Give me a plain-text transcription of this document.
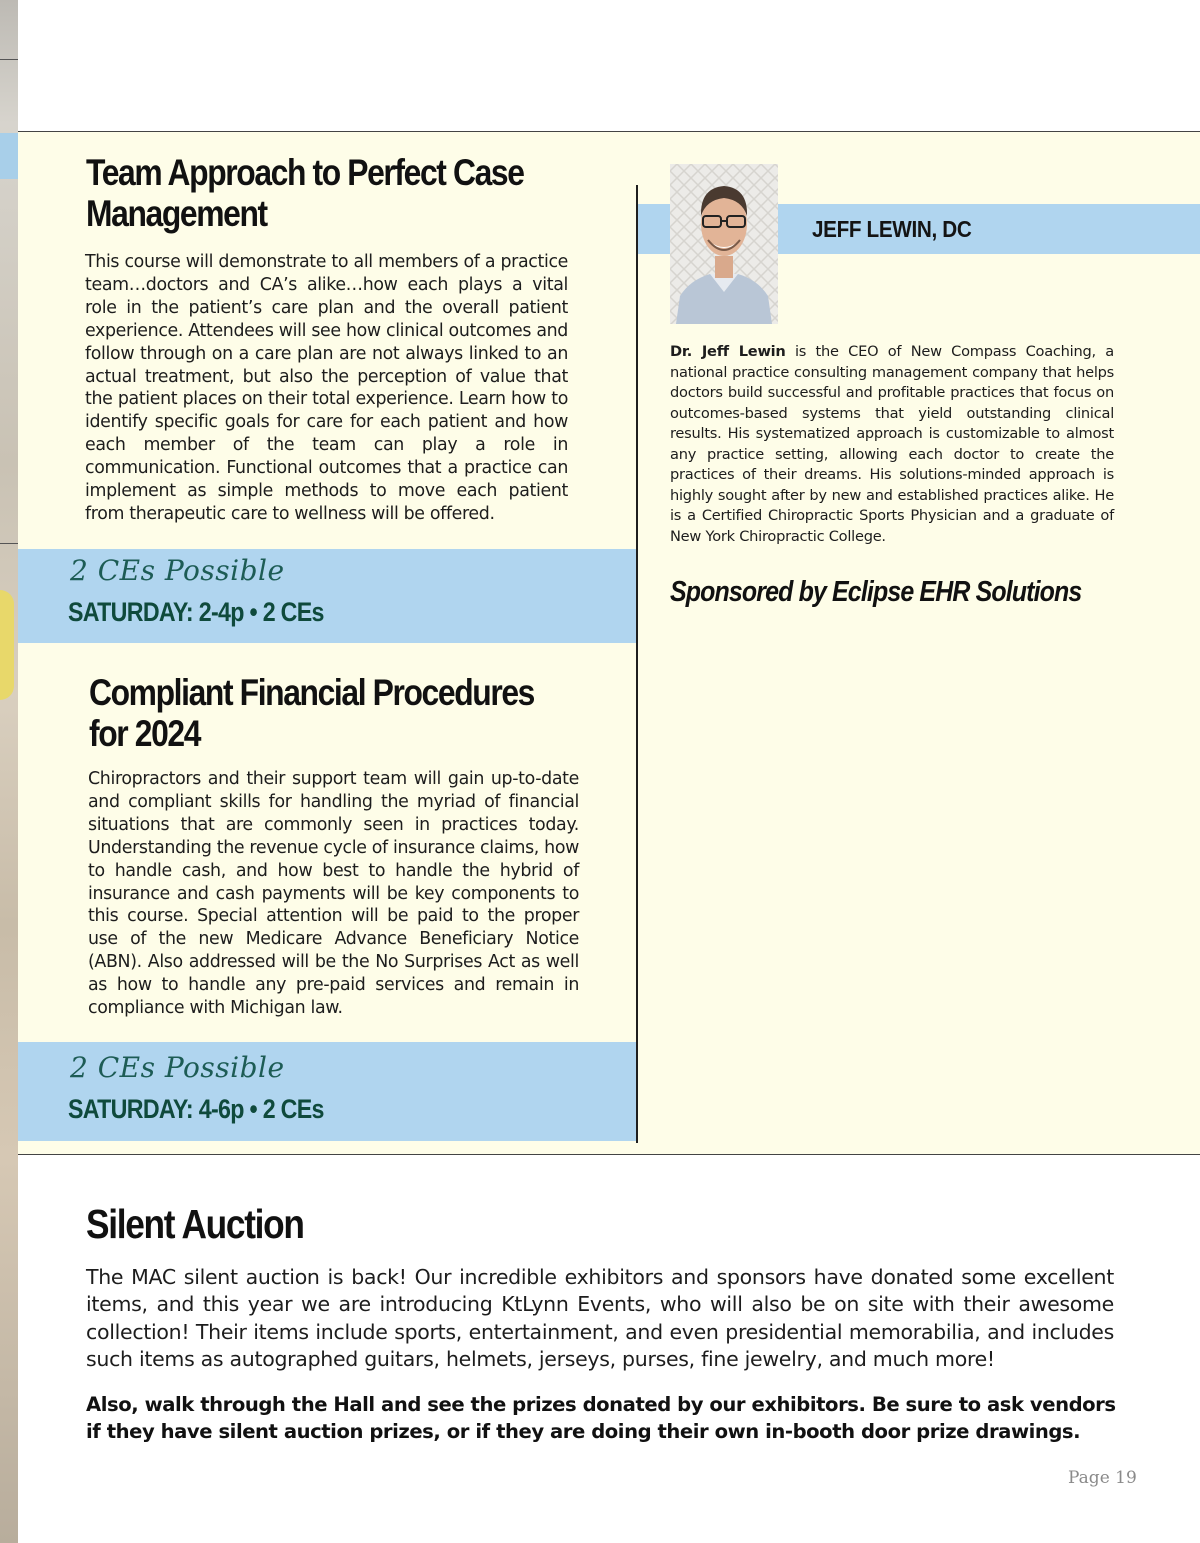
Team Approach to Perfect Case
Management
This course will demonstrate to all members of a practice team…doctors and CA’s alike…how each plays a vital role in the patient’s care plan and the overall patient experience. Attendees will see how clinical outcomes and follow through on a care plan are not always linked to an actual treatment, but also the perception of value that the patient places on their total experience. Learn how to identify specific goals for care for each patient and how each member of the team can play a role in communication. Functional outcomes that a practice can implement as simple methods to move each patient from therapeutic care to wellness will be offered.
2 CEs Possible
SATURDAY: 2-4p • 2 CEs
Compliant Financial Procedures
for 2024
Chiropractors and their support team will gain up-to-date and compliant skills for handling the myriad of financial situations that are commonly seen in practices today. Understanding the revenue cycle of insurance claims, how to handle cash, and how best to handle the hybrid of insurance and cash payments will be key components to this course. Special attention will be paid to the proper use of the new Medicare Advance Beneficiary Notice (ABN). Also addressed will be the No Surprises Act as well as how to handle any pre-paid services and remain in compliance with Michigan law.
2 CEs Possible
SATURDAY: 4-6p • 2 CEs
JEFF LEWIN, DC
Dr. Jeff Lewin is the CEO of New Compass Coaching, a national practice consulting management company that helps doctors build successful and profitable practices that focus on outcomes-based systems that yield outstanding clinical results. His systematized approach is customizable to almost any practice setting, allowing each doctor to create the practices of their dreams. His solutions-minded approach is highly sought after by new and established practices alike. He is a Certified Chiropractic Sports Physician and a graduate of New York Chiropractic College.
Sponsored by Eclipse EHR Solutions
Silent Auction
The MAC silent auction is back! Our incredible exhibitors and sponsors have donated some excellent items, and this year we are introducing KtLynn Events, who will also be on site with their awesome collection! Their items include sports, entertainment, and even presidential memorabilia, and includes such items as autographed guitars, helmets, jerseys, purses, fine jewelry, and much more!
Also, walk through the Hall and see the prizes donated by our exhibitors. Be sure to ask vendors if they have silent auction prizes, or if they are doing their own in-booth door prize drawings.
Page 19
